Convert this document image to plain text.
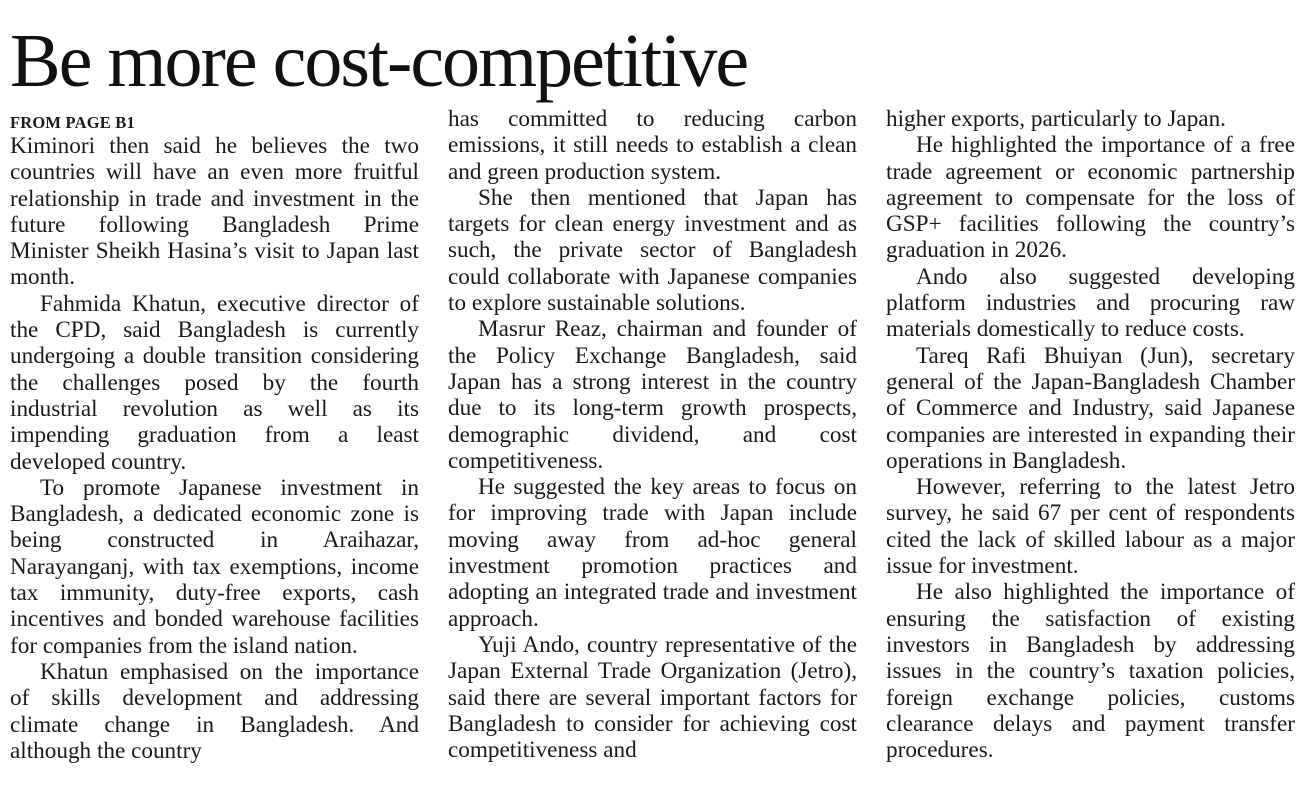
Be more cost-competitive
FROM PAGE B1

Kiminori then said he believes the two countries will have an even more fruitful relationship in trade and investment in the future following Bangladesh Prime Minister Sheikh Hasina’s visit to Japan last month.

Fahmida Khatun, executive director of the CPD, said Bangladesh is currently undergoing a double transition considering the challenges posed by the fourth industrial revolution as well as its impending graduation from a least developed country.

To promote Japanese investment in Bangladesh, a dedicated economic zone is being constructed in Araihazar, Narayanganj, with tax exemptions, income tax immunity, duty-free exports, cash incentives and bonded warehouse facilities for companies from the island nation.

Khatun emphasised on the importance of skills development and addressing climate change in Bangladesh. And although the country

has committed to reducing carbon emissions, it still needs to establish a clean and green production system.

She then mentioned that Japan has targets for clean energy investment and as such, the private sector of Bangladesh could collaborate with Japanese companies to explore sustainable solutions.

Masrur Reaz, chairman and founder of the Policy Exchange Bangladesh, said Japan has a strong interest in the country due to its long-term growth prospects, demographic dividend, and cost competitiveness.

He suggested the key areas to focus on for improving trade with Japan include moving away from ad-hoc general investment promotion practices and adopting an integrated trade and investment approach.

Yuji Ando, country representative of the Japan External Trade Organization (Jetro), said there are several important factors for Bangladesh to consider for achieving cost competitiveness and

higher exports, particularly to Japan.

He highlighted the importance of a free trade agreement or economic partnership agreement to compensate for the loss of GSP+ facilities following the country’s graduation in 2026.

Ando also suggested developing platform industries and procuring raw materials domestically to reduce costs.

Tareq Rafi Bhuiyan (Jun), secretary general of the Japan-Bangladesh Chamber of Commerce and Industry, said Japanese companies are interested in expanding their operations in Bangladesh.

However, referring to the latest Jetro survey, he said 67 per cent of respondents cited the lack of skilled labour as a major issue for investment.

He also highlighted the importance of ensuring the satisfaction of existing investors in Bangladesh by addressing issues in the country’s taxation policies, foreign exchange policies, customs clearance delays and payment transfer procedures.
